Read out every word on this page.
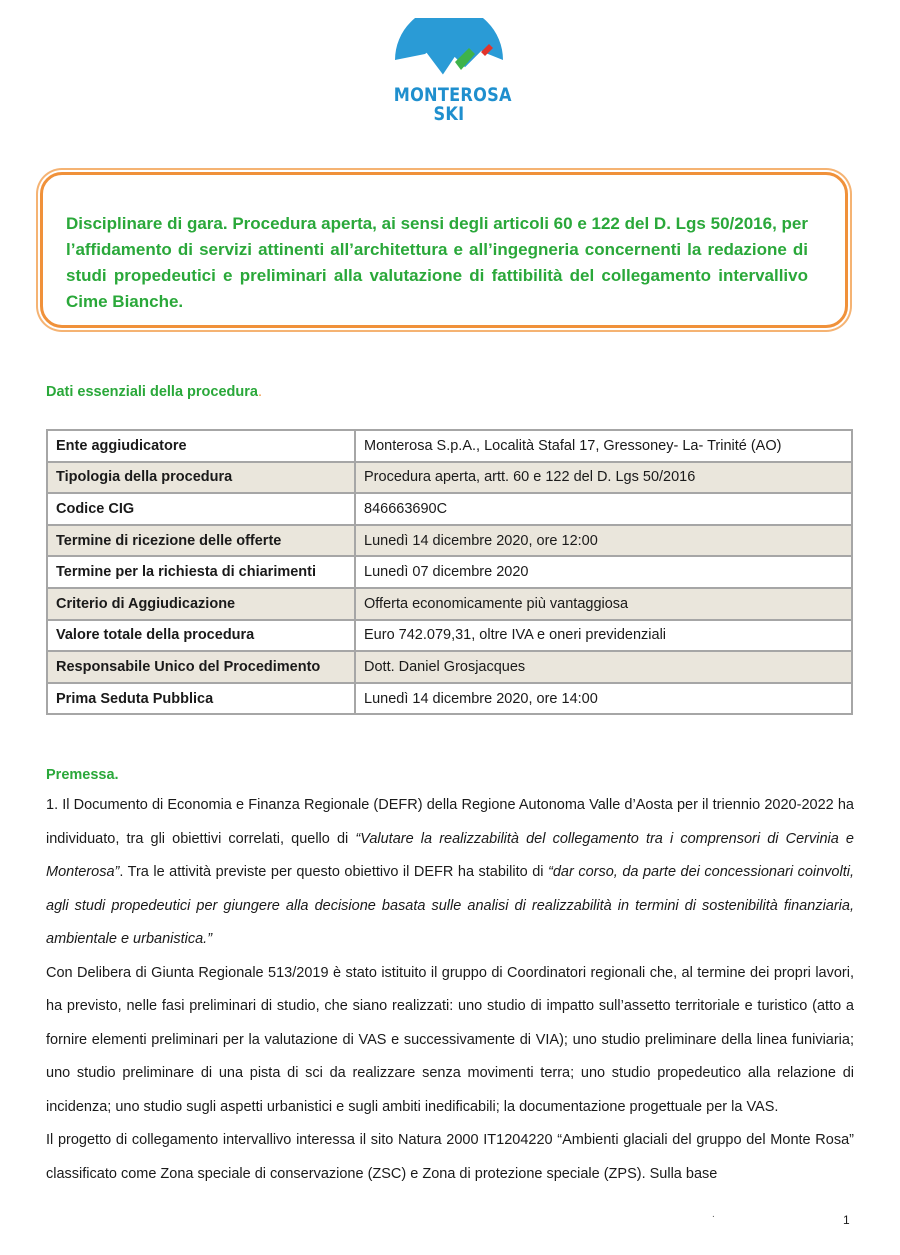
MONTEROSA
SKI
Disciplinare di gara. Procedura aperta, ai sensi degli articoli 60 e 122 del D. Lgs 50/2016, per l’affidamento di servizi attinenti all’architettura e all’ingegneria concernenti la redazione di studi propedeutici e preliminari alla valutazione di fattibilità del collegamento intervallivo Cime Bianche.
Dati essenziali della procedura.
Ente aggiudicatore	Monterosa S.p.A., Località Stafal 17, Gressoney- La- Trinité (AO)
Tipologia della procedura	Procedura aperta, artt. 60 e 122 del D. Lgs 50/2016
Codice CIG	846663690C
Termine di ricezione delle offerte	Lunedì 14 dicembre 2020, ore 12:00
Termine per la richiesta di chiarimenti	Lunedì 07 dicembre 2020
Criterio di Aggiudicazione	Offerta economicamente più vantaggiosa
Valore totale della procedura	Euro 742.079,31, oltre IVA e oneri previdenziali
Responsabile Unico del Procedimento	Dott. Daniel Grosjacques
Prima Seduta Pubblica	Lunedì 14 dicembre 2020, ore 14:00
Premessa.

1. Il Documento di Economia e Finanza Regionale (DEFR) della Regione Autonoma Valle d’Aosta per il triennio 2020-2022 ha individuato, tra gli obiettivi correlati, quello di “Valutare la realizzabilità del collegamento tra i comprensori di Cervinia e Monterosa”. Tra le attività previste per questo obiettivo il DEFR ha stabilito di “dar corso, da parte dei concessionari coinvolti, agli studi propedeutici per giungere alla decisione basata sulle analisi di realizzabilità in termini di sostenibilità finanziaria, ambientale e urbanistica.”

Con Delibera di Giunta Regionale 513/2019 è stato istituito il gruppo di Coordinatori regionali che, al termine dei propri lavori, ha previsto, nelle fasi preliminari di studio, che siano realizzati: uno studio di impatto sull’assetto territoriale e turistico (atto a fornire elementi preliminari per la valutazione di VAS e successivamente di VIA); uno studio preliminare della linea funiviaria; uno studio preliminare di una pista di sci da realizzare senza movimenti terra; uno studio propedeutico alla relazione di incidenza; uno studio sugli aspetti urbanistici e sugli ambiti inedificabili; la documentazione progettuale per la VAS.

Il progetto di collegamento intervallivo interessa il sito Natura 2000 IT1204220 “Ambienti glaciali del gruppo del Monte Rosa” classificato come Zona speciale di conservazione (ZSC) e Zona di protezione speciale (ZPS). Sulla base

.	1
